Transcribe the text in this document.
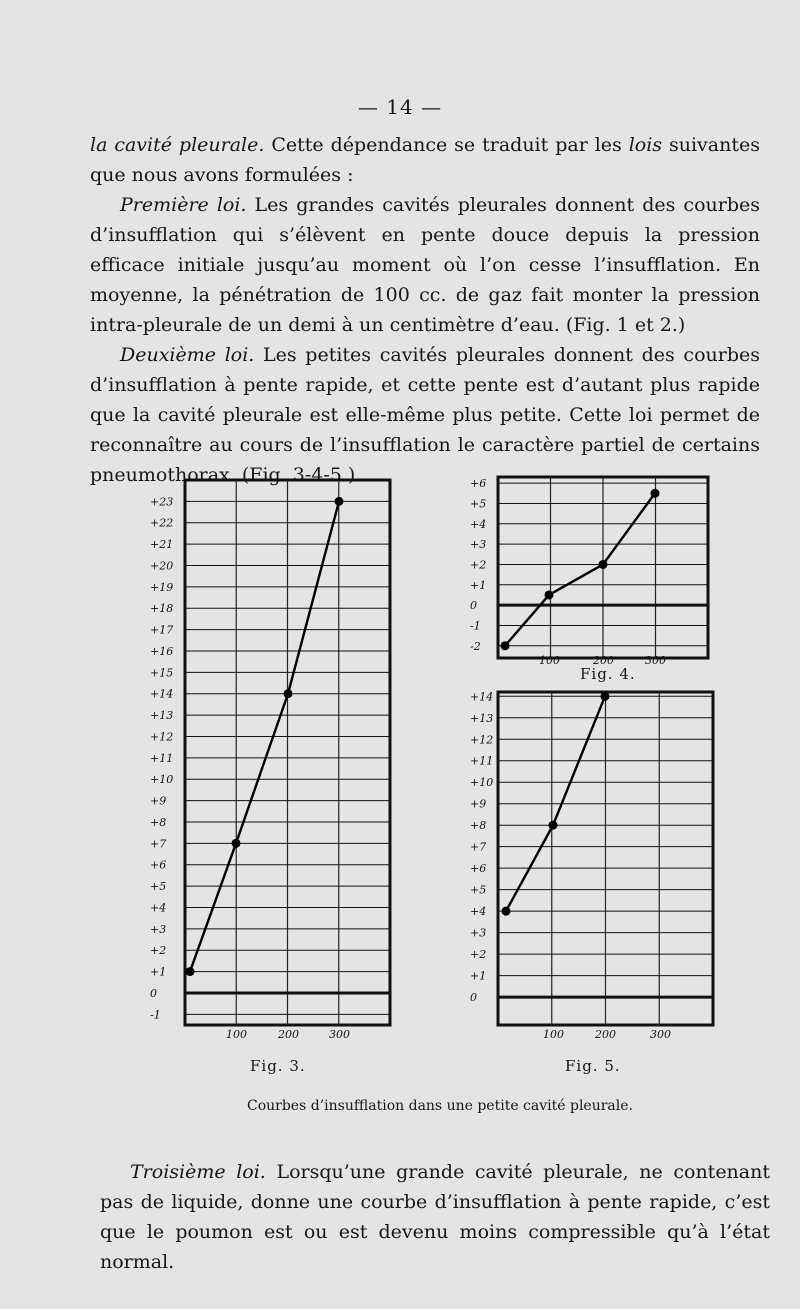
— 14 —

la cavité pleurale. Cette dépendance se traduit par les lois suivantes que nous avons formulées :

Première loi. Les grandes cavités pleurales donnent des courbes d’insufflation qui s’élèvent en pente douce depuis la pression efficace initiale jusqu’au moment où l’on cesse l’insufflation. En moyenne, la pénétration de 100 cc. de gaz fait monter la pression intra-pleurale de un demi à un centimètre d’eau. (Fig. 1 et 2.)

Deuxième loi. Les petites cavités pleurales donnent des courbes d’insufflation à pente rapide, et cette pente est d’autant plus rapide que la cavité pleurale est elle-même plus petite. Cette loi permet de reconnaître au cours de l’insufflation le caractère partiel de certains pneumothorax. (Fig. 3-4-5.)

-1
0
+1
+2
+3
+4
+5
+6
+7
+8
+9
+10
+11
+12
+13
+14
+15
+16
+17
+18
+19
+20
+21
+22
+23
100	200	300
-2
-1
0
+1
+2
+3
+4
+5
+6
100	200	300
0
+1
+2
+3
+4
+5
+6
+7
+8
+9
+10
+11
+12
+13
+14
100	200	300
Fig. 3.
Fig. 4.
Fig. 5.
Courbes d’insufflation dans une petite cavité pleurale.

Troisième loi. Lorsqu’une grande cavité pleurale, ne contenant pas de liquide, donne une courbe d’insufflation à pente rapide, c’est que le poumon est ou est devenu moins compressible qu’à l’état normal.
